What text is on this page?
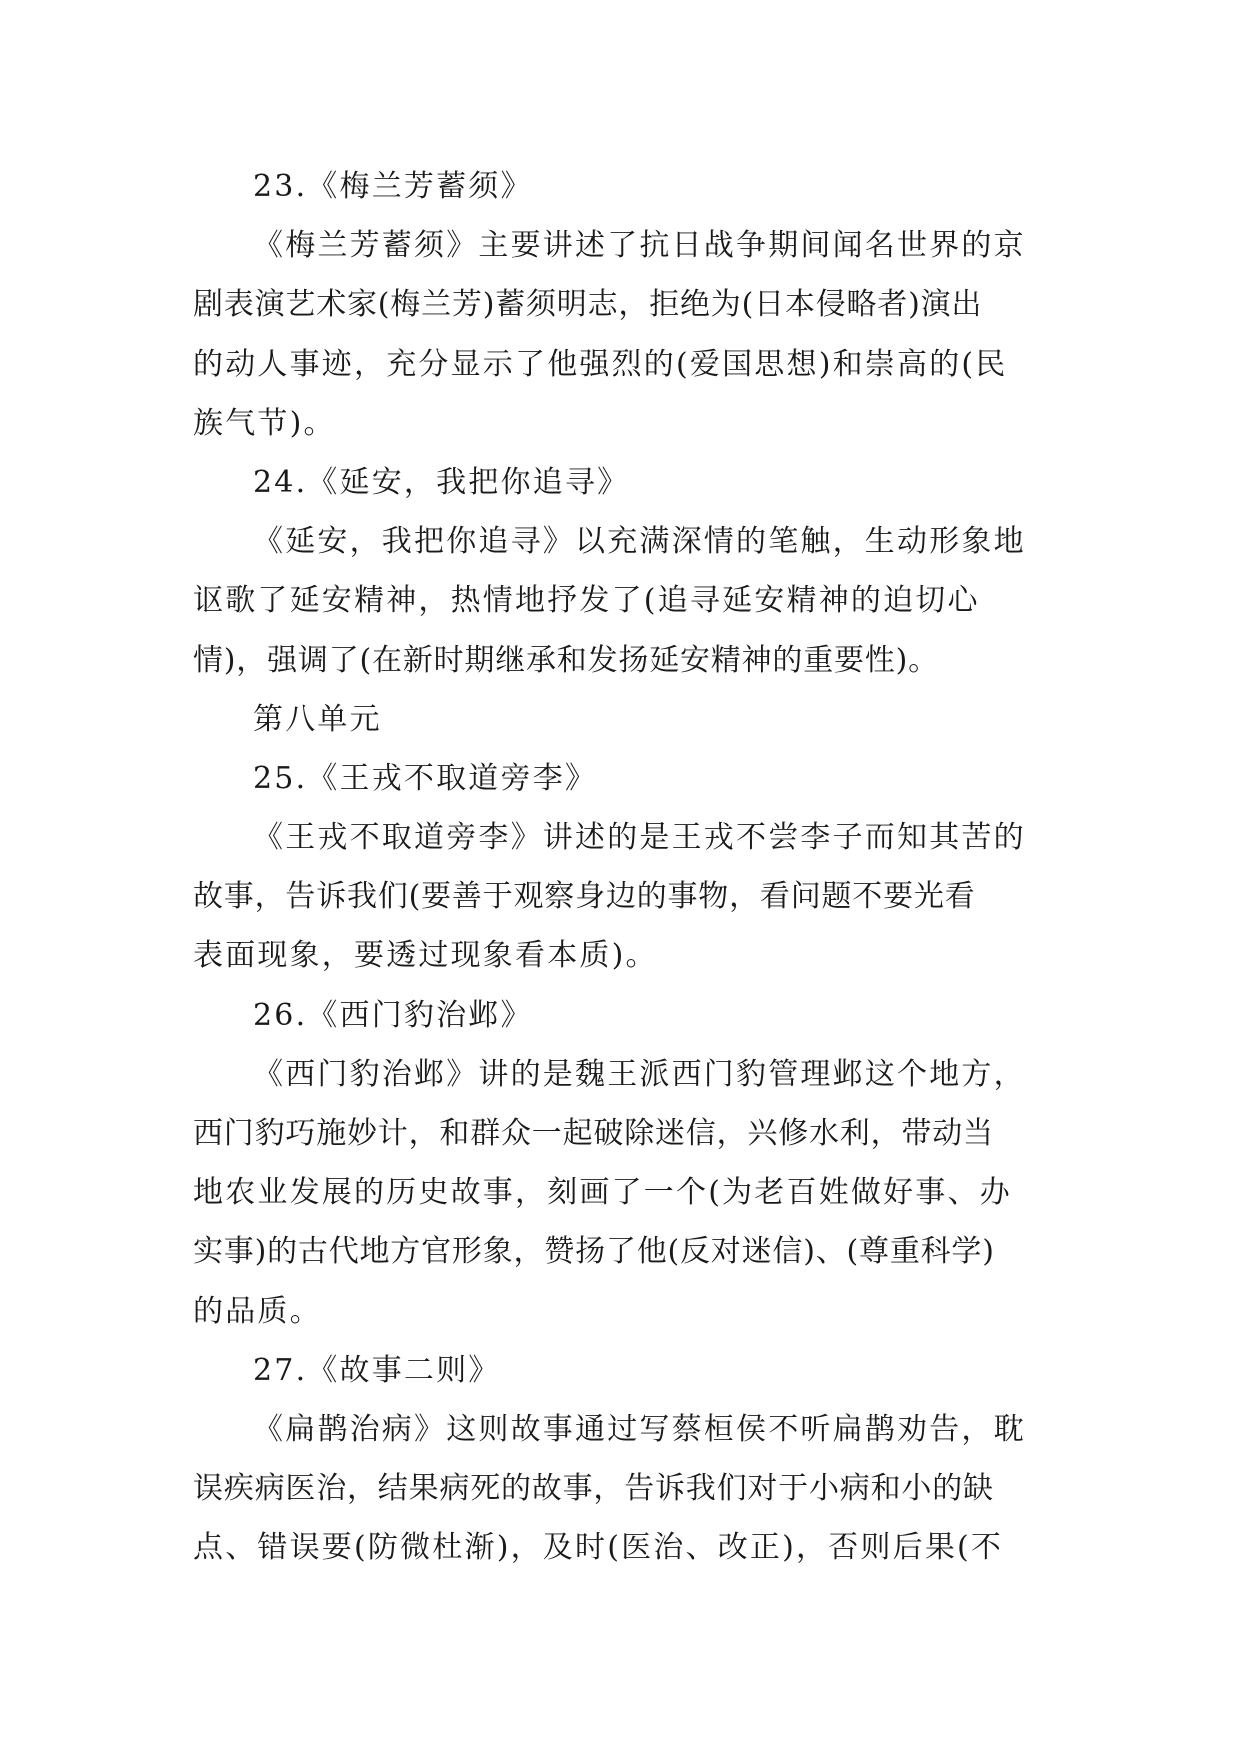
23.《梅兰芳蓄须》
《梅兰芳蓄须》主要讲述了抗日战争期间闻名世界的京
剧表演艺术家(梅兰芳)蓄须明志，拒绝为(日本侵略者)演出
的动人事迹，充分显示了他强烈的(爱国思想)和崇高的(民
族气节)。
24.《延安，我把你追寻》
《延安，我把你追寻》以充满深情的笔触，生动形象地
讴歌了延安精神，热情地抒发了(追寻延安精神的迫切心
情)，强调了(在新时期继承和发扬延安精神的重要性)。
第八单元
25.《王戎不取道旁李》
《王戎不取道旁李》讲述的是王戎不尝李子而知其苦的
故事，告诉我们(要善于观察身边的事物，看问题不要光看
表面现象，要透过现象看本质)。
26.《西门豹治邺》
《西门豹治邺》讲的是魏王派西门豹管理邺这个地方，
西门豹巧施妙计，和群众一起破除迷信，兴修水利，带动当
地农业发展的历史故事，刻画了一个(为老百姓做好事、办
实事)的古代地方官形象，赞扬了他(反对迷信)、(尊重科学)
的品质。
27.《故事二则》
《扁鹊治病》这则故事通过写蔡桓侯不听扁鹊劝告，耽
误疾病医治，结果病死的故事，告诉我们对于小病和小的缺
点、错误要(防微杜渐)，及时(医治、改正)，否则后果(不
